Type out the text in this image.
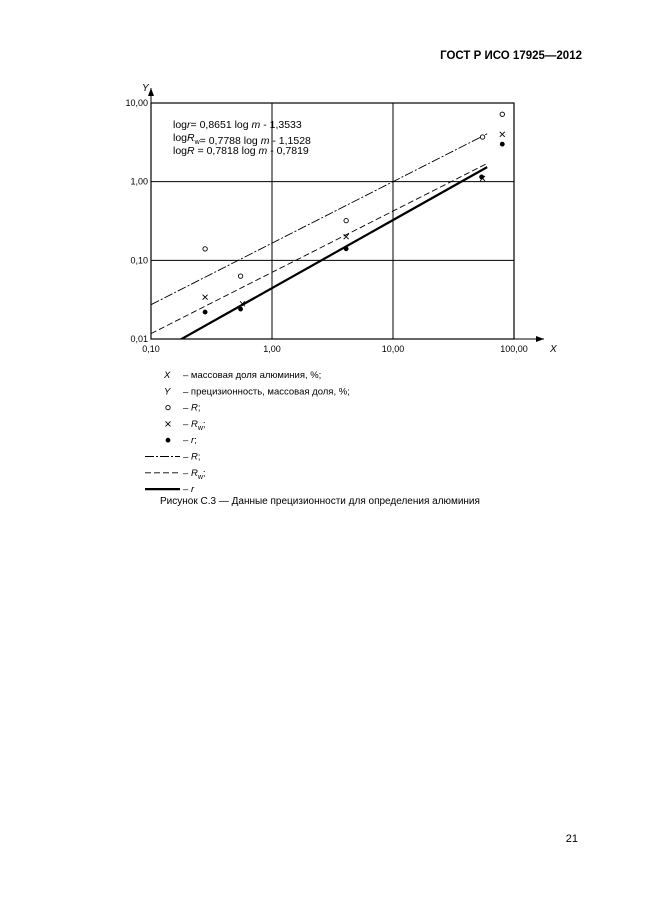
ГОСТ Р ИСО 17925—2012
X
Y
0,10	1,00	10,00	100,00
0,01
0,10
1,00
10,00
logr= 0,8651 log m - 1,3533
logR$_w$= 0,7788 log m - 1,1528
logR = 0,7818 log m - 0,7819
X – массовая доля алюминия, %;
Y – прецизионность, массовая доля, %;
– R;
– $R_w$;
– r;
– R;
– $R_w$;
– r
Рисунок С.3 — Данные прецизионности для определения алюминия
21
